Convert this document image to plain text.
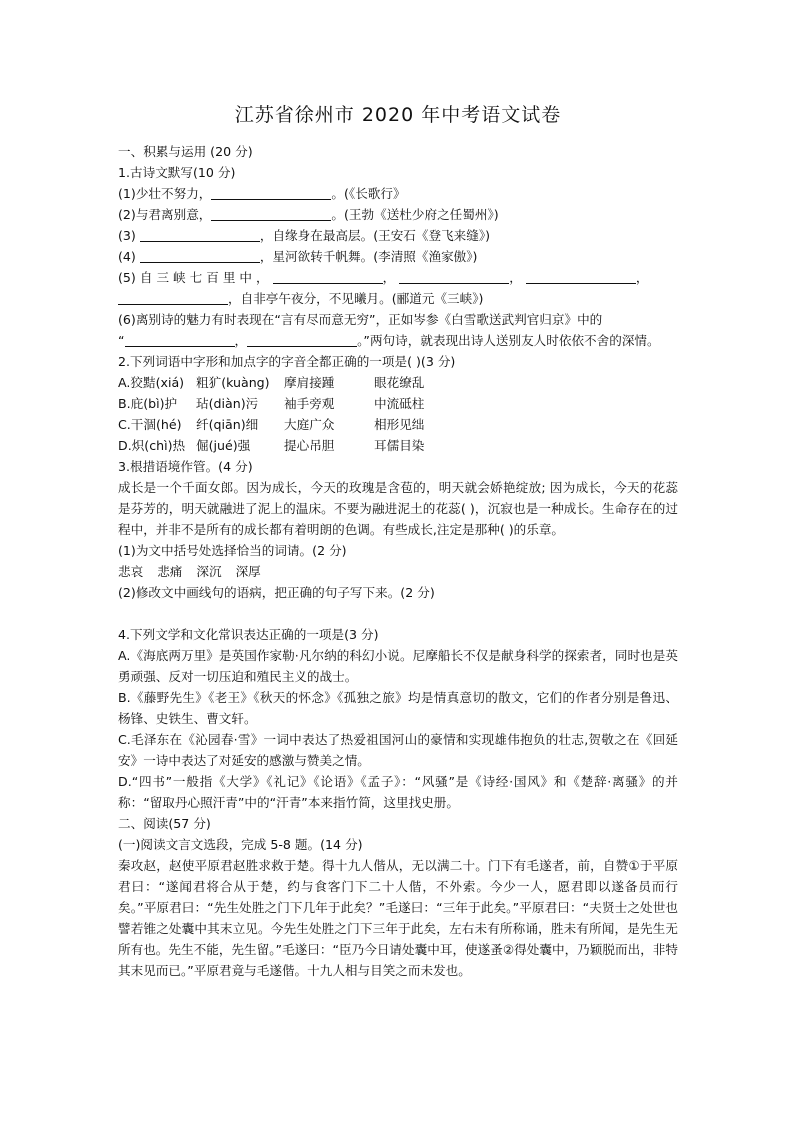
江苏省徐州市 2020 年中考语文试卷
一、积累与运用 (20 分)
1.古诗文默写(10 分)
(1)少壮不努力，	。(《长歌行》
(2)与君离别意，	。(王勃《送杜少府之任蜀州》)
(3)	，自缘身在最高层。(王安石《登飞来缝》)
(4)	，星河欲转千帆舞。(李清照《渔家傲》)
(5) 自 三 峡 七 百 里 中 ，	，	，	，
，自非亭午夜分，不见曦月。(郦道元《三峡》)
(6)离别诗的魅力有时表现在“言有尽而意无穷”，正如岑参《白雪歌送武判官归京》中的
“	，	。”两句诗，就表现出诗人送别友人时依依不舍的深情。
2.下列词语中字形和加点字的字音全都正确的一项是( )(3 分)
A.狡黠(xiá) 粗犷(kuàng) 摩肩接踵	眼花缭乱
B.庇(bì)护 玷(diàn)污 袖手旁观	中流砥柱
C.干涸(hé) 纤(qiān)细 大庭广众	相形见绌
D.炽(chì)热 倔(jué)强	提心吊胆	耳儒目染
3.根措语境作管。(4 分)
成长是一个千面女郎。因为成长，今天的玫瑰是含苞的，明天就会娇艳绽放; 因为成长，今天的花蕊是芬芳的，明天就融进了泥上的温床。不要为融进泥土的花蕊( )，沉寂也是一种成长。生命存在的过程中，并非不是所有的成长都有着明朗的色调。有些成长,注定是那种( )的乐章。
(1)为文中括号处选择恰当的词请。(2 分)
悲哀 悲痛 深沉 深厚
(2)修改文中画线句的语病，把正确的句子写下来。(2 分)
4.下列文学和文化常识表达正确的一项是(3 分)
A.《海底两万里》是英国作家勒·凡尔纳的科幻小说。尼摩船长不仅是献身科学的探索者，同时也是英勇顽强、反对一切压迫和殖民主义的战士。
B.《藤野先生》《老王》《秋天的怀念》《孤独之旅》均是情真意切的散文，它们的作者分别是鲁迅、杨锋、史铁生、曹文轩。
C.毛泽东在《沁园春·雪》一词中表达了热爱祖国河山的豪情和实现雄伟抱负的壮志,贺敬之在《回延安》一诗中表达了对延安的感激与赞美之情。
D.“四书”一般指《大学》《礼记》《论语》《孟子》：“风骚”是《诗经·国风》和《楚辞·离骚》的并称：“留取丹心照汗青”中的“汗青”本来指竹简，这里找史册。
二、阅读(57 分)
(一)阅读文言文选段，完成 5-8 题。(14 分)
秦攻赵，赵使平原君赵胜求救于楚。得十九人偕从，无以满二十。门下有毛遂者，前，自赞①于平原君曰：“遂闻君将合从于楚，约与食客门下二十人偕，不外索。今少一人，愿君即以遂备员而行矣。”平原君曰：“先生处胜之门下几年于此矣？”毛遂曰：“三年于此矣。”平原君曰：“夫贤士之处世也譬若锥之处囊中其末立见。今先生处胜之门下三年于此矣，左右未有所称诵，胜未有所闻，是先生无所有也。先生不能，先生留。”毛遂曰：“臣乃今日请处囊中耳，使遂蚤②得处囊中，乃颖脱而出，非特其末见而已。”平原君竟与毛遂偕。十九人相与目笑之而未发也。
